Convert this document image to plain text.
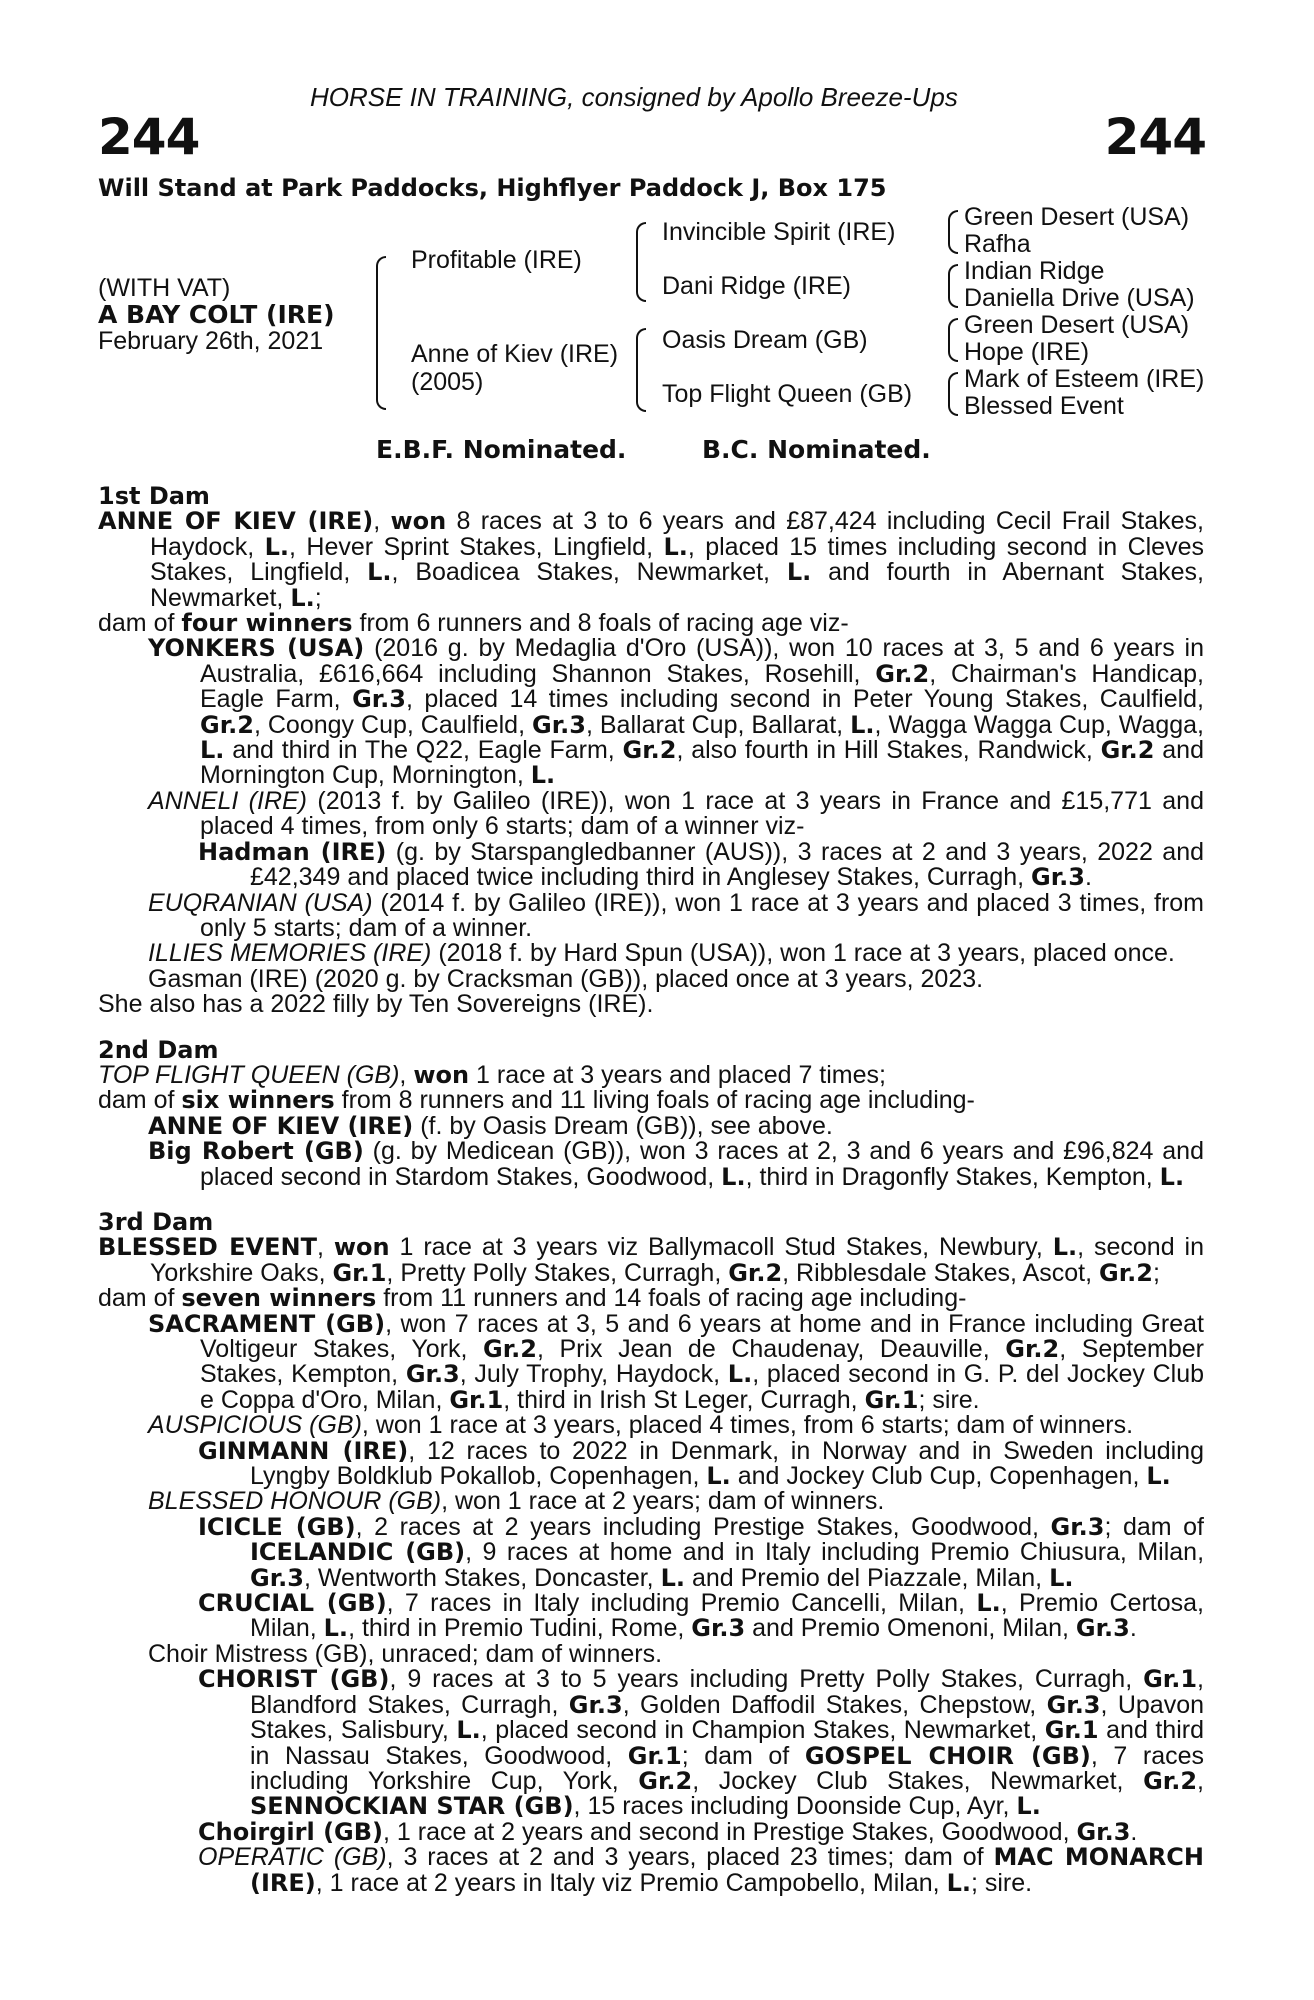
HORSE IN TRAINING, consigned by Apollo Breeze-Ups
244	244
Will Stand at Park Paddocks, Highflyer Paddock J, Box 175
(WITH VAT)
A BAY COLT (IRE)
February 26th, 2021
Profitable (IRE)
Anne of Kiev (IRE)
(2005)
Invincible Spirit (IRE)
Dani Ridge (IRE)
Oasis Dream (GB)
Top Flight Queen (GB)
Green Desert (USA)
Rafha
Indian Ridge
Daniella Drive (USA)
Green Desert (USA)
Hope (IRE)
Mark of Esteem (IRE)
Blessed Event
E.B.F. Nominated.	B.C. Nominated.

1st Dam

ANNE OF KIEV (IRE), won 8 races at 3 to 6 years and £87,424 including Cecil Frail Stakes, Haydock, L., Hever Sprint Stakes, Lingfield, L., placed 15 times including second in Cleves Stakes, Lingfield, L., Boadicea Stakes, Newmarket, L. and fourth in Abernant Stakes, Newmarket, L.;

dam of four winners from 6 runners and 8 foals of racing age viz-

YONKERS (USA) (2016 g. by Medaglia d'Oro (USA)), won 10 races at 3, 5 and 6 years in Australia, £616,664 including Shannon Stakes, Rosehill, Gr.2, Chairman's Handicap, Eagle Farm, Gr.3, placed 14 times including second in Peter Young Stakes, Caulfield, Gr.2, Coongy Cup, Caulfield, Gr.3, Ballarat Cup, Ballarat, L., Wagga Wagga Cup, Wagga, L. and third in The Q22, Eagle Farm, Gr.2, also fourth in Hill Stakes, Randwick, Gr.2 and Mornington Cup, Mornington, L.

ANNELI (IRE) (2013 f. by Galileo (IRE)), won 1 race at 3 years in France and £15,771 and placed 4 times, from only 6 starts; dam of a winner viz-

Hadman (IRE) (g. by Starspangledbanner (AUS)), 3 races at 2 and 3 years, 2022 and £42,349 and placed twice including third in Anglesey Stakes, Curragh, Gr.3.

EUQRANIAN (USA) (2014 f. by Galileo (IRE)), won 1 race at 3 years and placed 3 times, from only 5 starts; dam of a winner.

ILLIES MEMORIES (IRE) (2018 f. by Hard Spun (USA)), won 1 race at 3 years, placed once.

Gasman (IRE) (2020 g. by Cracksman (GB)), placed once at 3 years, 2023.

She also has a 2022 filly by Ten Sovereigns (IRE).

2nd Dam

TOP FLIGHT QUEEN (GB), won 1 race at 3 years and placed 7 times;

dam of six winners from 8 runners and 11 living foals of racing age including-

ANNE OF KIEV (IRE) (f. by Oasis Dream (GB)), see above.

Big Robert (GB) (g. by Medicean (GB)), won 3 races at 2, 3 and 6 years and £96,824 and placed second in Stardom Stakes, Goodwood, L., third in Dragonfly Stakes, Kempton, L.

3rd Dam

BLESSED EVENT, won 1 race at 3 years viz Ballymacoll Stud Stakes, Newbury, L., second in Yorkshire Oaks, Gr.1, Pretty Polly Stakes, Curragh, Gr.2, Ribblesdale Stakes, Ascot, Gr.2;

dam of seven winners from 11 runners and 14 foals of racing age including-

SACRAMENT (GB), won 7 races at 3, 5 and 6 years at home and in France including Great Voltigeur Stakes, York, Gr.2, Prix Jean de Chaudenay, Deauville, Gr.2, September Stakes, Kempton, Gr.3, July Trophy, Haydock, L., placed second in G. P. del Jockey Club e Coppa d'Oro, Milan, Gr.1, third in Irish St Leger, Curragh, Gr.1; sire.

AUSPICIOUS (GB), won 1 race at 3 years, placed 4 times, from 6 starts; dam of winners.

GINMANN (IRE), 12 races to 2022 in Denmark, in Norway and in Sweden including Lyngby Boldklub Pokallob, Copenhagen, L. and Jockey Club Cup, Copenhagen, L.

BLESSED HONOUR (GB), won 1 race at 2 years; dam of winners.

ICICLE (GB), 2 races at 2 years including Prestige Stakes, Goodwood, Gr.3; dam of ICELANDIC (GB), 9 races at home and in Italy including Premio Chiusura, Milan, Gr.3, Wentworth Stakes, Doncaster, L. and Premio del Piazzale, Milan, L.

CRUCIAL (GB), 7 races in Italy including Premio Cancelli, Milan, L., Premio Certosa, Milan, L., third in Premio Tudini, Rome, Gr.3 and Premio Omenoni, Milan, Gr.3.

Choir Mistress (GB), unraced; dam of winners.

CHORIST (GB), 9 races at 3 to 5 years including Pretty Polly Stakes, Curragh, Gr.1, Blandford Stakes, Curragh, Gr.3, Golden Daffodil Stakes, Chepstow, Gr.3, Upavon Stakes, Salisbury, L., placed second in Champion Stakes, Newmarket, Gr.1 and third in Nassau Stakes, Goodwood, Gr.1; dam of GOSPEL CHOIR (GB), 7 races including Yorkshire Cup, York, Gr.2, Jockey Club Stakes, Newmarket, Gr.2, SENNOCKIAN STAR (GB), 15 races including Doonside Cup, Ayr, L.

Choirgirl (GB), 1 race at 2 years and second in Prestige Stakes, Goodwood, Gr.3.

OPERATIC (GB), 3 races at 2 and 3 years, placed 23 times; dam of MAC MONARCH (IRE), 1 race at 2 years in Italy viz Premio Campobello, Milan, L.; sire.
